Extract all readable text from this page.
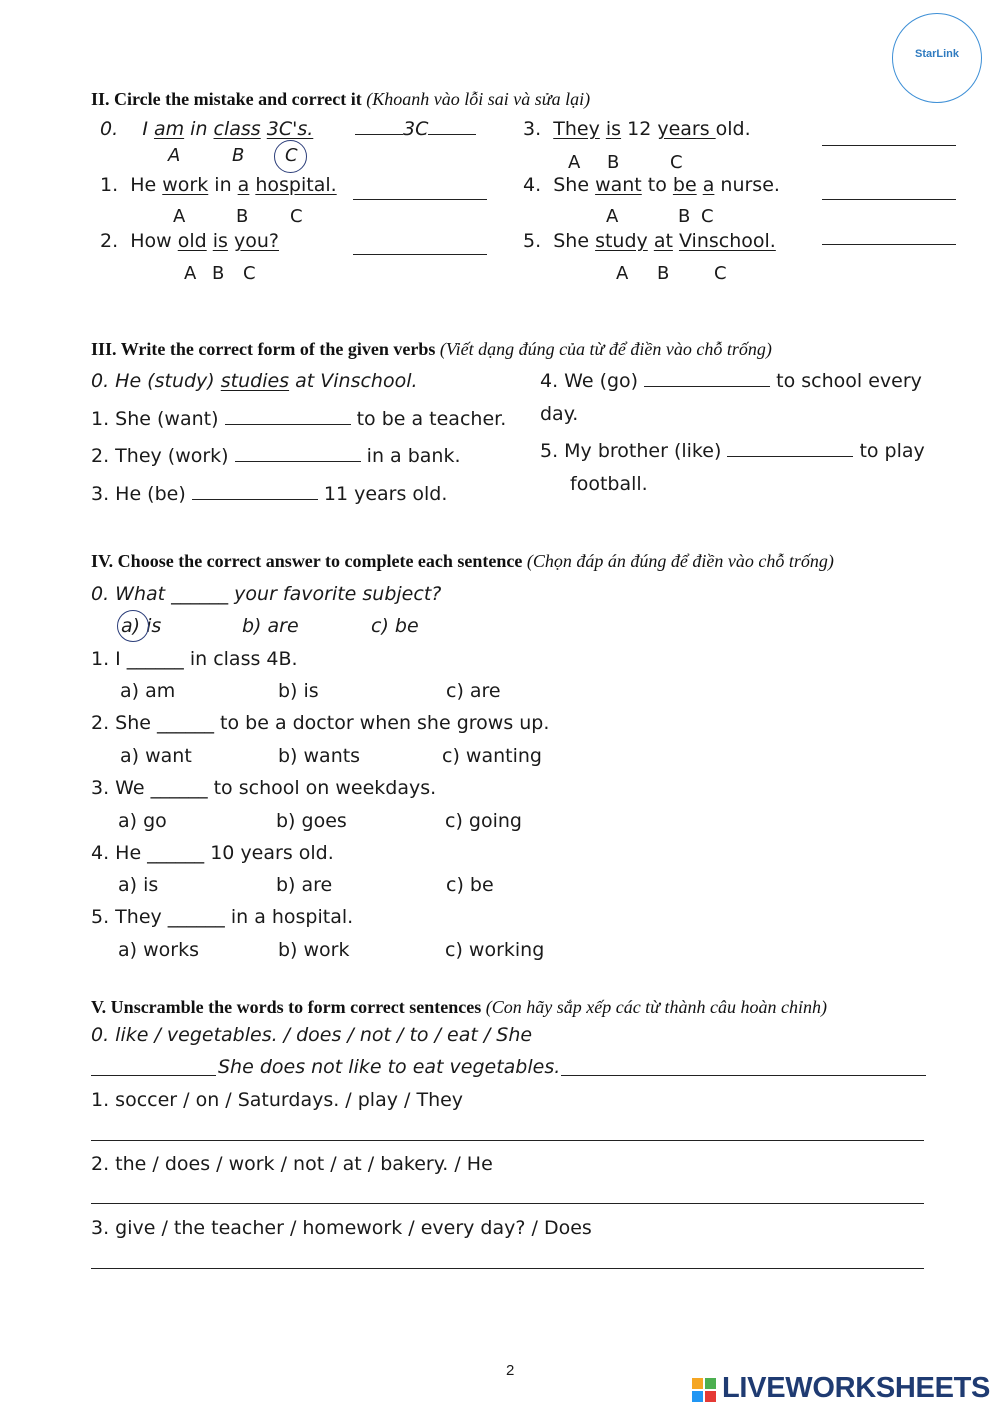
StarLink
II. Circle the mistake and correct it (Khoanh vào lỗi sai và sửa lại)
0. I am in class 3C's.
A	B C
3C
1. He work in a hospital.
A	B C
2. How old is you?
A B C
3. They is 12 years old.
A B	C
4. She want to be a nurse.
A	B C
5. She study at Vinschool.
A B C
III. Write the correct form of the given verbs (Viết dạng đúng của từ để điền vào chỗ trống)
0. He (study) studies at Vinschool.
1. She (want)	to be a teacher.
2. They (work)	in a bank.
3. He (be)	11 years old.
4. We (go)	to school every
day.
5. My brother (like)	to play
football.
IV. Choose the correct answer to complete each sentence (Chọn đáp án đúng để điền vào chỗ trống)
0. What ______ your favorite subject?
a) is	b) are	c) be
1. I ______ in class 4B.
a) am	b) is	c) are
2. She ______ to be a doctor when she grows up.
a) want	b) wants	c) wanting
3. We ______ to school on weekdays.
a) go	b) goes	c) going
4. He ______ 10 years old.
a) is	b) are	c) be
5. They ______ in a hospital.
a) works	b) work	c) working
V. Unscramble the words to form correct sentences (Con hãy sắp xếp các từ thành câu hoàn chỉnh)
0. like / vegetables. / does / not / to / eat / She
She does not like to eat vegetables.
1. soccer / on / Saturdays. / play / They
2. the / does / work / not / at / bakery. / He
3. give / the teacher / homework / every day? / Does
2
LIVEWORKSHEETS
